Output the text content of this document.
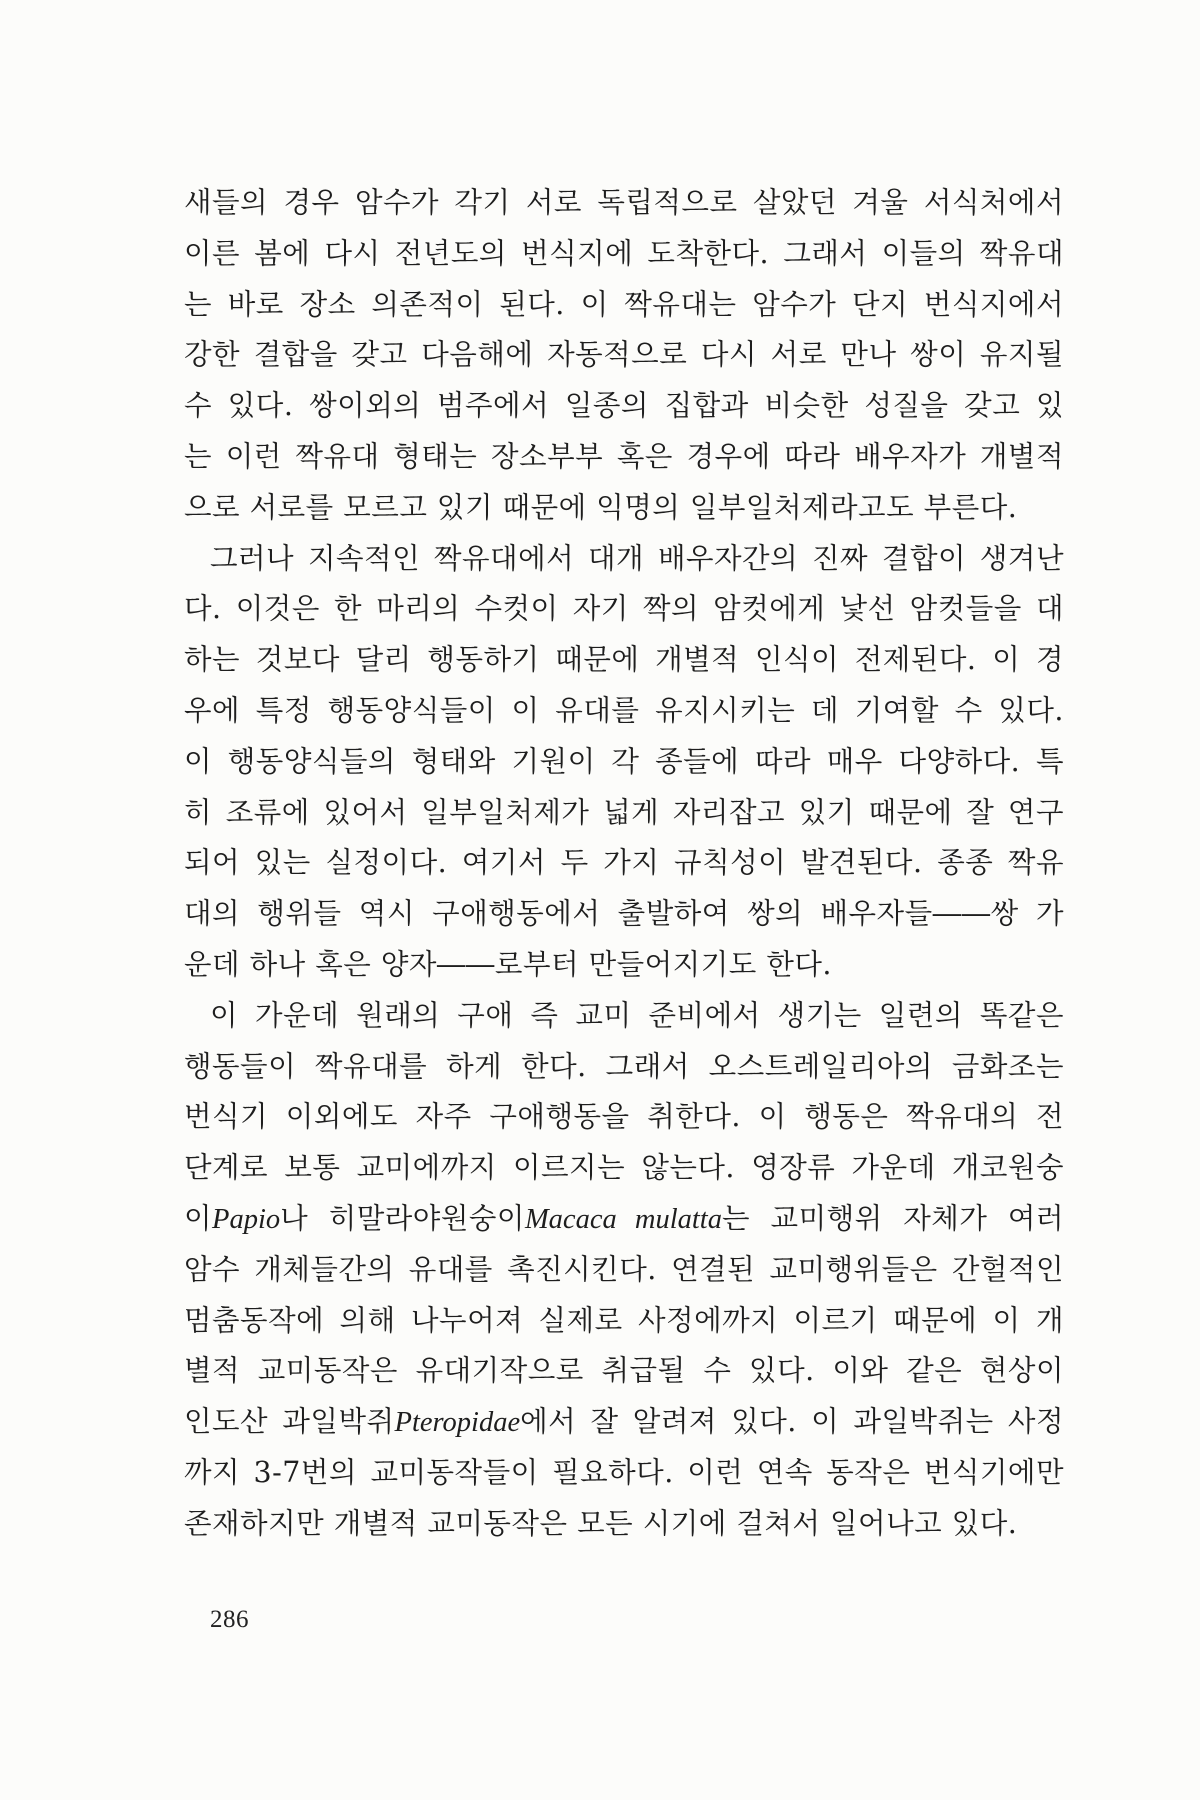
새들의 경우 암수가 각기 서로 독립적으로 살았던 겨울 서식처에서
이른 봄에 다시 전년도의 번식지에 도착한다. 그래서 이들의 짝유대
는 바로 장소 의존적이 된다. 이 짝유대는 암수가 단지 번식지에서
강한 결합을 갖고 다음해에 자동적으로 다시 서로 만나 쌍이 유지될
수 있다. 쌍이외의 범주에서 일종의 집합과 비슷한 성질을 갖고 있
는 이런 짝유대 형태는 장소부부 혹은 경우에 따라 배우자가 개별적
으로 서로를 모르고 있기 때문에 익명의 일부일처제라고도 부른다.
그러나 지속적인 짝유대에서 대개 배우자간의 진짜 결합이 생겨난
다. 이것은 한 마리의 수컷이 자기 짝의 암컷에게 낯선 암컷들을 대
하는 것보다 달리 행동하기 때문에 개별적 인식이 전제된다. 이 경
우에 특정 행동양식들이 이 유대를 유지시키는 데 기여할 수 있다.
이 행동양식들의 형태와 기원이 각 종들에 따라 매우 다양하다. 특
히 조류에 있어서 일부일처제가 넓게 자리잡고 있기 때문에 잘 연구
되어 있는 실정이다. 여기서 두 가지 규칙성이 발견된다. 종종 짝유
대의 행위들 역시 구애행동에서 출발하여 쌍의 배우자들――쌍 가
운데 하나 혹은 양자――로부터 만들어지기도 한다.
이 가운데 원래의 구애 즉 교미 준비에서 생기는 일련의 똑같은
행동들이 짝유대를 하게 한다. 그래서 오스트레일리아의 금화조는
번식기 이외에도 자주 구애행동을 취한다. 이 행동은 짝유대의 전
단계로 보통 교미에까지 이르지는 않는다. 영장류 가운데 개코원숭
이Papio나 히말라야원숭이Macaca mulatta는 교미행위 자체가 여러
암수 개체들간의 유대를 촉진시킨다. 연결된 교미행위들은 간헐적인
멈춤동작에 의해 나누어져 실제로 사정에까지 이르기 때문에 이 개
별적 교미동작은 유대기작으로 취급될 수 있다. 이와 같은 현상이
인도산 과일박쥐Pteropidae에서 잘 알려져 있다. 이 과일박쥐는 사정
까지 3-7번의 교미동작들이 필요하다. 이런 연속 동작은 번식기에만
존재하지만 개별적 교미동작은 모든 시기에 걸쳐서 일어나고 있다.
286
